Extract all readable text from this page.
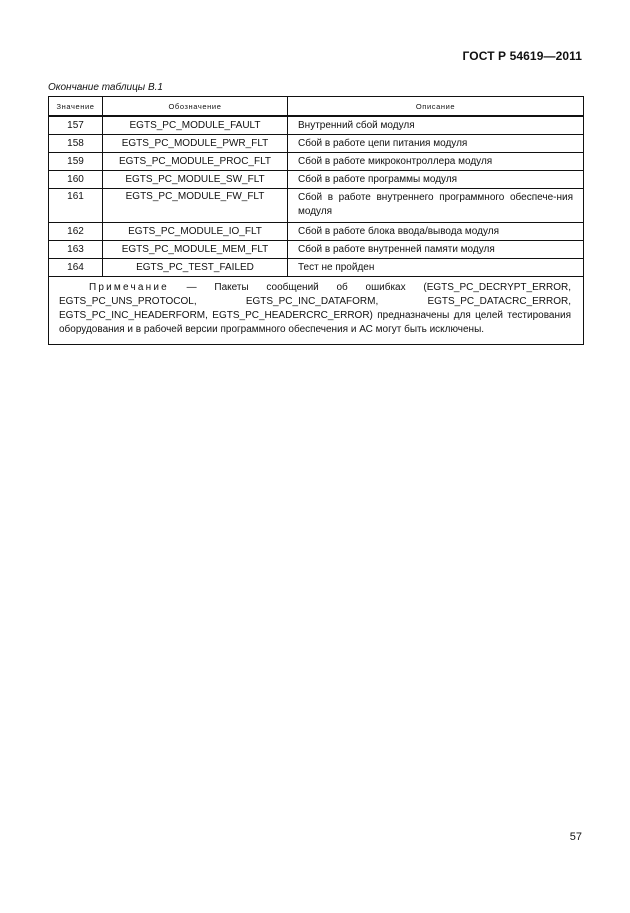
ГОСТ Р 54619—2011
Окончание таблицы В.1
Значение	Обозначение	Описание
157	EGTS_PC_MODULE_FAULT	Внутренний сбой модуля
158	EGTS_PC_MODULE_PWR_FLT	Сбой в работе цепи питания модуля
159	EGTS_PC_MODULE_PROC_FLT	Сбой в работе микроконтроллера модуля
160	EGTS_PC_MODULE_SW_FLT	Сбой в работе программы модуля
161	EGTS_PC_MODULE_FW_FLT	Сбой в работе внутреннего программного обеспече-ния модуля
162	EGTS_PC_MODULE_IO_FLT	Сбой в работе блока ввода/вывода модуля
163	EGTS_PC_MODULE_MEM_FLT	Сбой в работе внутренней памяти модуля
164	EGTS_PC_TEST_FAILED	Тест не пройден
Примечание — Пакеты сообщений об ошибках (EGTS_PC_DECRYPT_ERROR, EGTS_PC_UNS_PROTOCOL, EGTS_PC_INC_DATAFORM, EGTS_PC_DATACRC_ERROR, EGTS_PC_INC_HEADERFORM, EGTS_PC_HEADERCRC_ERROR) предназначены для целей тестирования оборудования и в рабочей версии программного обеспечения и АС могут быть исключены.		
57
